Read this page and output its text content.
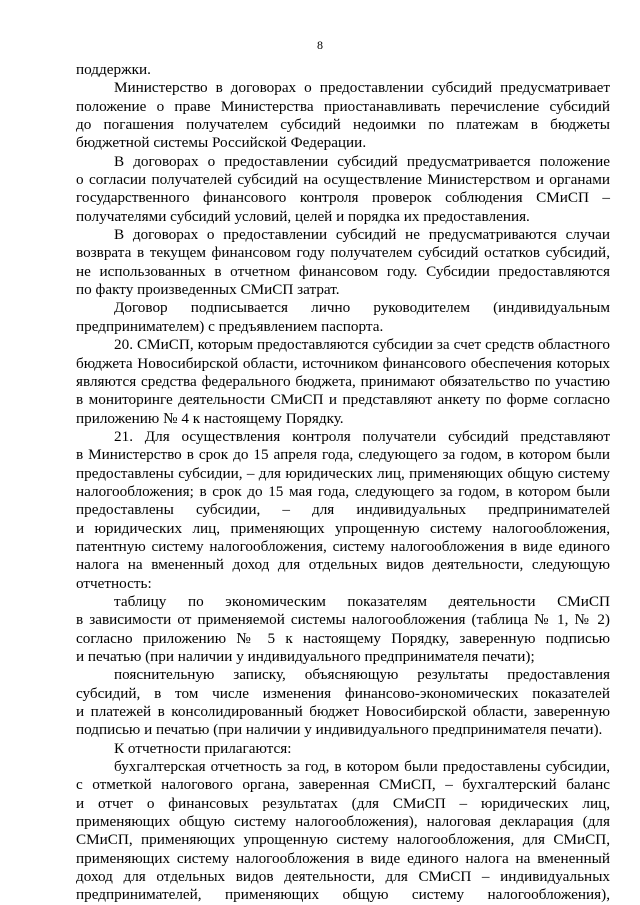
8
поддержки.
Министерство в договорах о предоставлении субсидий предусматривает
положение о праве Министерства приостанавливать перечисление субсидий
до погашения получателем субсидий недоимки по платежам в бюджеты
бюджетной системы Российской Федерации.
В договорах о предоставлении субсидий предусматривается положение
о согласии получателей субсидий на осуществление Министерством и органами
государственного финансового контроля проверок соблюдения СМиСП –
получателями субсидий условий, целей и порядка их предоставления.
В договорах о предоставлении субсидий не предусматриваются случаи
возврата в текущем финансовом году получателем субсидий остатков субсидий,
не использованных в отчетном финансовом году. Субсидии предоставляются
по факту произведенных СМиСП затрат.
Договор подписывается лично руководителем (индивидуальным
предпринимателем) с предъявлением паспорта.
20. СМиСП, которым предоставляются субсидии за счет средств областного
бюджета Новосибирской области, источником финансового обеспечения которых
являются средства федерального бюджета, принимают обязательство по участию
в мониторинге деятельности СМиСП и представляют анкету по форме согласно
приложению № 4 к настоящему Порядку.
21. Для осуществления контроля получатели субсидий представляют
в Министерство в срок до 15 апреля года, следующего за годом, в котором были
предоставлены субсидии, – для юридических лиц, применяющих общую систему
налогообложения; в срок до 15 мая года, следующего за годом, в котором были
предоставлены субсидии, – для индивидуальных предпринимателей
и юридических лиц, применяющих упрощенную систему налогообложения,
патентную систему налогообложения, систему налогообложения в виде единого
налога на вмененный доход для отдельных видов деятельности, следующую
отчетность:
таблицу по экономическим показателям деятельности СМиСП
в зависимости от применяемой системы налогообложения (таблица № 1, № 2)
согласно приложению № 5 к настоящему Порядку, заверенную подписью
и печатью (при наличии у индивидуального предпринимателя печати);
пояснительную записку, объясняющую результаты предоставления
субсидий, в том числе изменения финансово-экономических показателей
и платежей в консолидированный бюджет Новосибирской области, заверенную
подписью и печатью (при наличии у индивидуального предпринимателя печати).
К отчетности прилагаются:
бухгалтерская отчетность за год, в котором были предоставлены субсидии,
с отметкой налогового органа, заверенная СМиСП, – бухгалтерский баланс
и отчет о финансовых результатах (для СМиСП – юридических лиц,
применяющих общую систему налогообложения), налоговая декларация (для
СМиСП, применяющих упрощенную систему налогообложения, для СМиСП,
применяющих систему налогообложения в виде единого налога на вмененный
доход для отдельных видов деятельности, для СМиСП – индивидуальных
предпринимателей, применяющих общую систему налогообложения),
